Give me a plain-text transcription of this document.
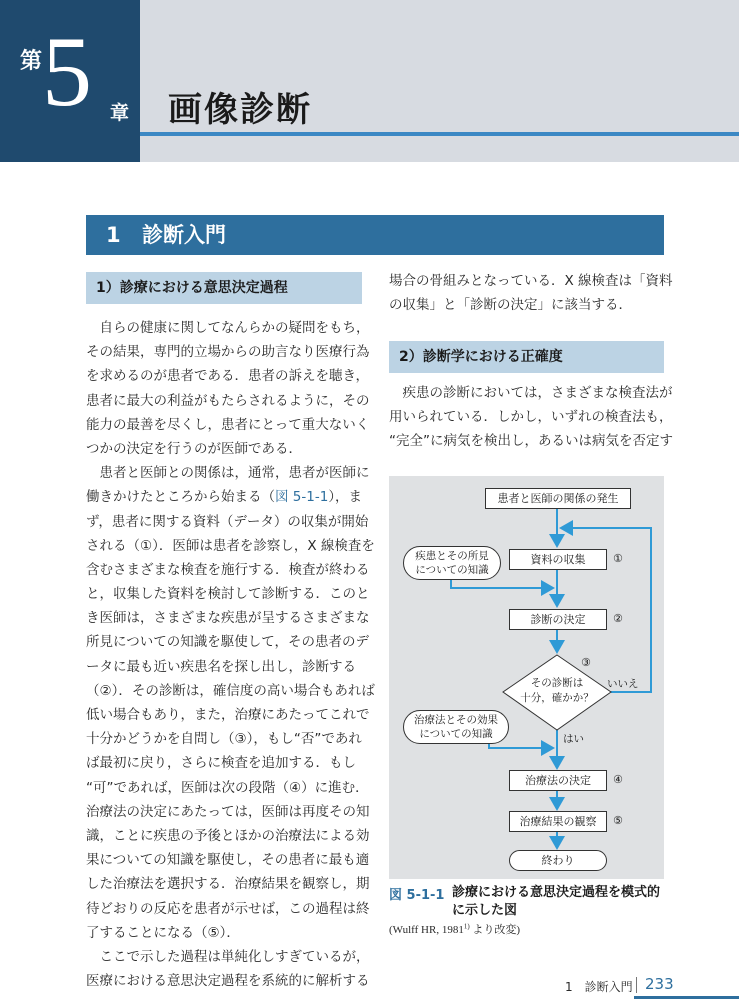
第 5 章 画像診断
1 診断入門
1）診療における意思決定過程
2）診断学における正確度
　自らの健康に関してなんらかの疑問をもち，
その結果，専門的立場からの助言なり医療行為
を求めるのが患者である．患者の訴えを聴き，
患者に最大の利益がもたらされるように，その
能力の最善を尽くし，患者にとって重大ないく
つかの決定を行うのが医師である．
　患者と医師との関係は，通常，患者が医師に
働きかけたところから始まる（図 5-1-1），ま
ず，患者に関する資料（データ）の収集が開始
される（①）．医師は患者を診察し，X 線検査を
含むさまざまな検査を施行する．検査が終わる
と，収集した資料を検討して診断する．このと
き医師は，さまざまな疾患が呈するさまざまな
所見についての知識を駆使して，その患者のデ
ータに最も近い疾患名を探し出し，診断する
（②）．その診断は，確信度の高い場合もあれば
低い場合もあり，また，治療にあたってこれで
十分かどうかを自問し（③），もし“否”であれ
ば最初に戻り，さらに検査を追加する．もし
“可”であれば，医師は次の段階（④）に進む．
治療法の決定にあたっては，医師は再度その知
識，ことに疾患の予後とほかの治療法による効
果についての知識を駆使し，その患者に最も適
した治療法を選択する．治療結果を観察し，期
待どおりの反応を患者が示せば，この過程は終
了することになる（⑤）．
　ここで示した過程は単純化しすぎているが，
医療における意思決定過程を系統的に解析する
場合の骨組みとなっている．X 線検査は「資料
の収集」と「診断の決定」に該当する．
　疾患の診断においては，さまざまな検査法が
用いられている．しかし，いずれの検査法も，
“完全”に病気を検出し，あるいは病気を否定す
患者と医師の関係の発生
資料の収集
診断の決定
治療法の決定
治療結果の観察
終わり
その診断は
十分，確かか？
疾患とその所見
についての知識
治療法とその効果
についての知識
①
②
③
④
⑤
いいえ
はい
図 5-1-1 診療における意思決定過程を模式的に示した図
(Wulff HR, 1981$^{1)}$ より改変)
1　診断入門 233
